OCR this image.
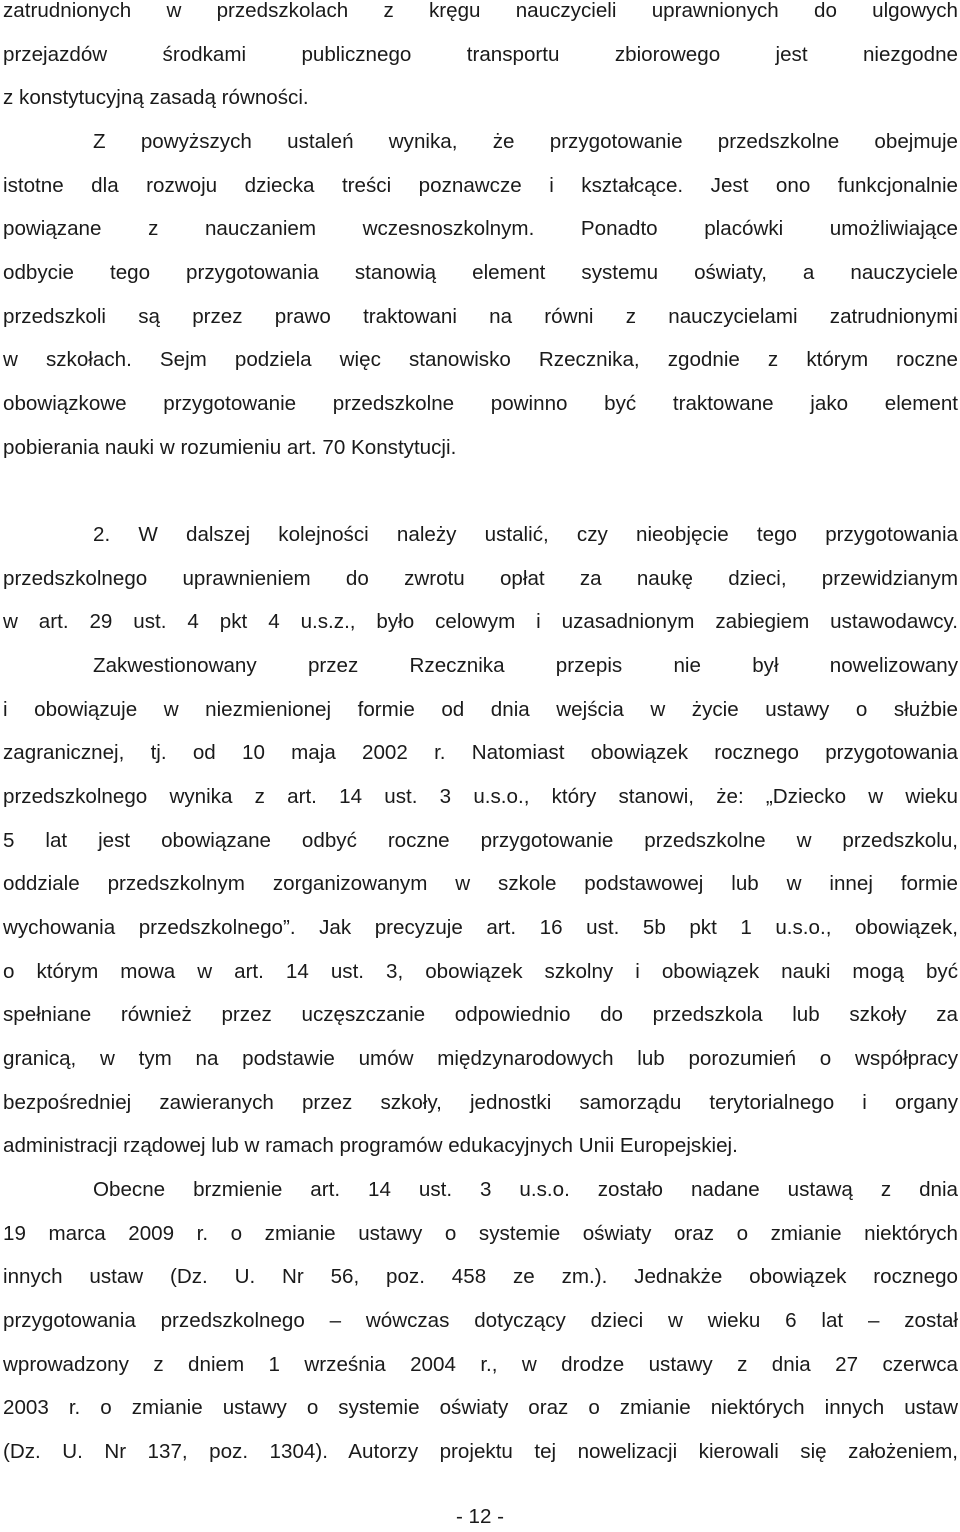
zatrudnionych w przedszkolach z kręgu nauczycieli uprawnionych do ulgowych
przejazdów środkami publicznego transportu zbiorowego jest niezgodne
z konstytucyjną zasadą równości.
Z powyższych ustaleń wynika, że przygotowanie przedszkolne obejmuje
istotne dla rozwoju dziecka treści poznawcze i kształcące. Jest ono funkcjonalnie
powiązane z nauczaniem wczesnoszkolnym. Ponadto placówki umożliwiające
odbycie tego przygotowania stanowią element systemu oświaty, a nauczyciele
przedszkoli są przez prawo traktowani na równi z nauczycielami zatrudnionymi
w szkołach. Sejm podziela więc stanowisko Rzecznika, zgodnie z którym roczne
obowiązkowe przygotowanie przedszkolne powinno być traktowane jako element
pobierania nauki w rozumieniu art. 70 Konstytucji.
2. W dalszej kolejności należy ustalić, czy nieobjęcie tego przygotowania
przedszkolnego uprawnieniem do zwrotu opłat za naukę dzieci, przewidzianym
w art. 29 ust. 4 pkt 4 u.s.z., było celowym i uzasadnionym zabiegiem ustawodawcy.
Zakwestionowany przez Rzecznika przepis nie był nowelizowany
i obowiązuje w niezmienionej formie od dnia wejścia w życie ustawy o służbie
zagranicznej, tj. od 10 maja 2002 r. Natomiast obowiązek rocznego przygotowania
przedszkolnego wynika z art. 14 ust. 3 u.s.o., który stanowi, że: „Dziecko w wieku
5 lat jest obowiązane odbyć roczne przygotowanie przedszkolne w przedszkolu,
oddziale przedszkolnym zorganizowanym w szkole podstawowej lub w innej formie
wychowania przedszkolnego”. Jak precyzuje art. 16 ust. 5b pkt 1 u.s.o., obowiązek,
o którym mowa w art. 14 ust. 3, obowiązek szkolny i obowiązek nauki mogą być
spełniane również przez uczęszczanie odpowiednio do przedszkola lub szkoły za
granicą, w tym na podstawie umów międzynarodowych lub porozumień o współpracy
bezpośredniej zawieranych przez szkoły, jednostki samorządu terytorialnego i organy
administracji rządowej lub w ramach programów edukacyjnych Unii Europejskiej.
Obecne brzmienie art. 14 ust. 3 u.s.o. zostało nadane ustawą z dnia
19 marca 2009 r. o zmianie ustawy o systemie oświaty oraz o zmianie niektórych
innych ustaw (Dz. U. Nr 56, poz. 458 ze zm.). Jednakże obowiązek rocznego
przygotowania przedszkolnego – wówczas dotyczący dzieci w wieku 6 lat – został
wprowadzony z dniem 1 września 2004 r., w drodze ustawy z dnia 27 czerwca
2003 r. o zmianie ustawy o systemie oświaty oraz o zmianie niektórych innych ustaw
(Dz. U. Nr 137, poz. 1304). Autorzy projektu tej nowelizacji kierowali się założeniem,
- 12 -
